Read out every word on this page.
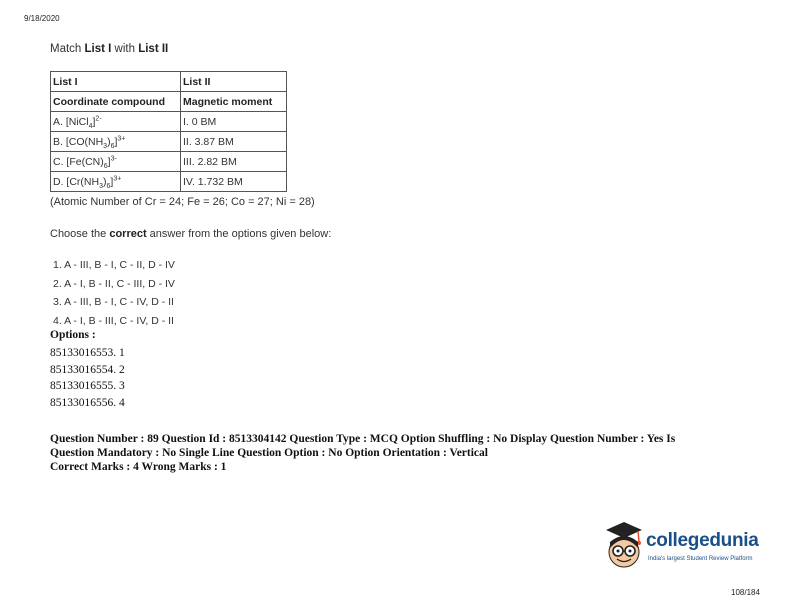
9/18/2020
Match List I with List II
List I	List II
Coordinate compound	Magnetic moment
A. [NiCl$_4$]$^{2-}$	I. 0 BM
B. $[CO(NH_3)_6]^{3+}$	II. 3.87 BM
C. $[Fe(CN)_6]^{3-}$	III. 2.82 BM
D. $[Cr(NH_3)_6]^{3+}$	IV. 1.732 BM
(Atomic Number of Cr = 24; Fe = 26; Co = 27; Ni = 28)
Choose the correct answer from the options given below:
1. A - III, B - I, C - II, D - IV
2. A - I, B - II, C - III, D - IV
3. A - III, B - I, C - IV, D - II
4. A - I, B - III, C - IV, D - II
Options :
85133016553. 1
85133016554. 2
85133016555. 3
85133016556. 4
Question Number : 89 Question Id : 8513304142 Question Type : MCQ Option Shuffling : No Display Question Number : Yes Is
Question Mandatory : No Single Line Question Option : No Option Orientation : Vertical
Correct Marks : 4 Wrong Marks : 1
collegedunia
India's largest Student Review Platform
108/184
